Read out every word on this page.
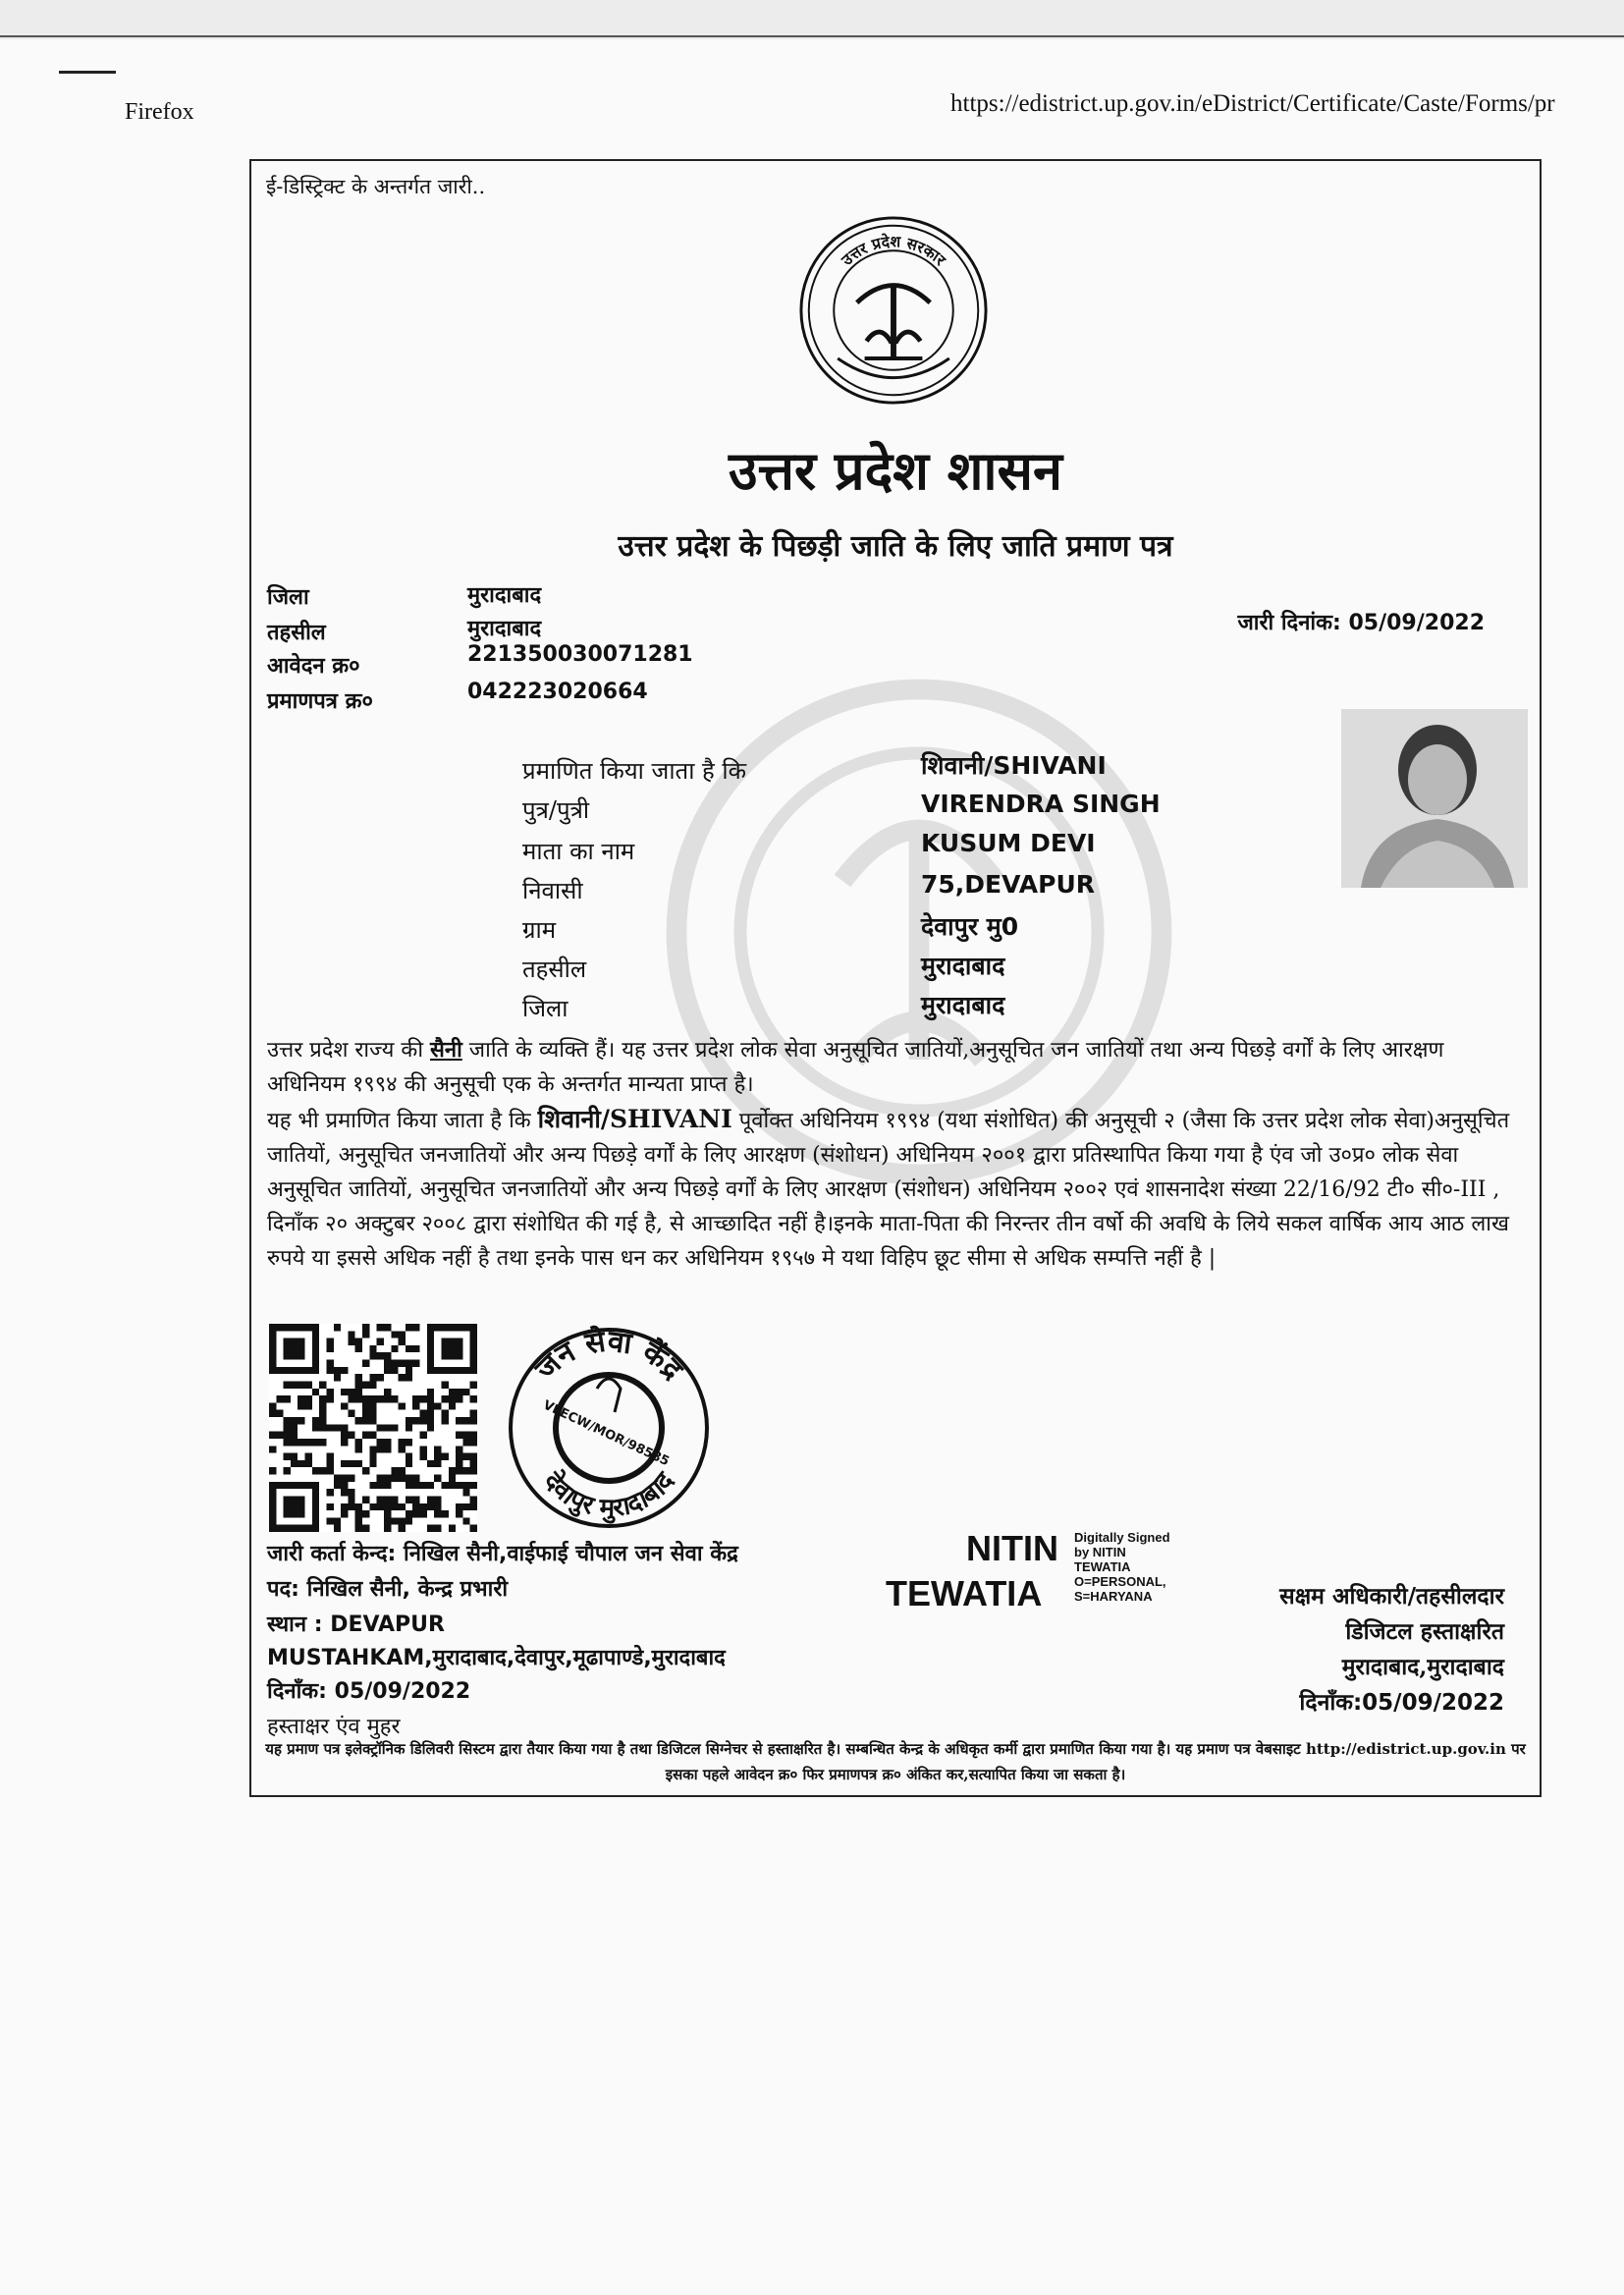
Firefox	https://edistrict.up.gov.in/eDistrict/Certificate/Caste/Forms/pr
ई-डिस्ट्रिक्ट के अन्तर्गत जारी..
उत्तर प्रदेश सरकार
उत्तर प्रदेश शासन
उत्तर प्रदेश के पिछड़ी जाति के लिए जाति प्रमाण पत्र
जिला	मुरादाबाद
तहसील	मुरादाबाद
आवेदन क्र०	221350030071281
प्रमाणपत्र क्र०	042223020664
जारी दिनांक: 05/09/2022
प्रमाणित किया जाता है कि	शिवानी/SHIVANI
पुत्र/पुत्री	VIRENDRA SINGH
माता का नाम	KUSUM DEVI
निवासी	75,DEVAPUR
ग्राम	देवापुर मु0
तहसील	मुरादाबाद
जिला	मुरादाबाद

उत्तर प्रदेश राज्य की सैनी जाति के व्यक्ति हैं। यह उत्तर प्रदेश लोक सेवा अनुसूचित जातियों,अनुसूचित जन जातियों तथा अन्य पिछड़े वर्गों के लिए आरक्षण अधिनियम १९९४ की अनुसूची एक के अन्तर्गत मान्यता प्राप्त है।

यह भी प्रमाणित किया जाता है कि शिवानी/SHIVANI पूर्वोक्त अधिनियम १९९४ (यथा संशोधित) की अनुसूची २ (जैसा कि उत्तर प्रदेश लोक सेवा)अनुसूचित जातियों, अनुसूचित जनजातियों और अन्य पिछड़े वर्गों के लिए आरक्षण (संशोधन) अधिनियम २००१ द्वारा प्रतिस्थापित किया गया है एंव जो उ०प्र० लोक सेवा अनुसूचित जातियों, अनुसूचित जनजातियों और अन्य पिछड़े वर्गों के लिए आरक्षण (संशोधन) अधिनियम २००२ एवं शासनादेश संख्या 22/16/92 टी० सी०-III , दिनाँक २० अक्टुबर २००८ द्वारा संशोधित की गई है, से आच्छादित नहीं है।इनके माता-पिता की निरन्तर तीन वर्षो की अवधि के लिये सकल वार्षिक आय आठ लाख रुपये या इससे अधिक नहीं है तथा इनके पास धन कर अधिनियम १९५७ मे यथा विहिप छूट सीमा से अधिक सम्पत्ति नहीं है |

जन सेवा केंद्र
देवापुर मुरादाबाद
VLECW/MOR/98585
जारी कर्ता केन्द: निखिल सैनी,वाईफाई चौपाल जन सेवा केंद्र
पद: निखिल सैनी, केन्द्र प्रभारी
स्थान : DEVAPUR
MUSTAHKAM,मुरादाबाद,देवापुर,मूढापाण्डे,मुरादाबाद
दिनाँक: 05/09/2022
हस्ताक्षर एंव मुहर
NITIN
TEWATIA
Digitally Signed
by NITIN
TEWATIA
O=PERSONAL,
S=HARYANA	सक्षम अधिकारी/तहसीलदार
डिजिटल हस्ताक्षरित
मुरादाबाद,मुरादाबाद
दिनाँक:05/09/2022
यह प्रमाण पत्र इलेक्ट्रॉनिक डिलिवरी सिस्टम द्वारा तैयार किया गया है तथा डिजिटल सिग्नेचर से हस्ताक्षरित है। सम्बन्धित केन्द्र के अधिकृत कर्मी द्वारा प्रमाणित किया गया है। यह प्रमाण पत्र वेबसाइट http://edistrict.up.gov.in पर इसका पहले आवेदन क्र० फिर प्रमाणपत्र क्र० अंकित कर,सत्यापित किया जा सकता है।
